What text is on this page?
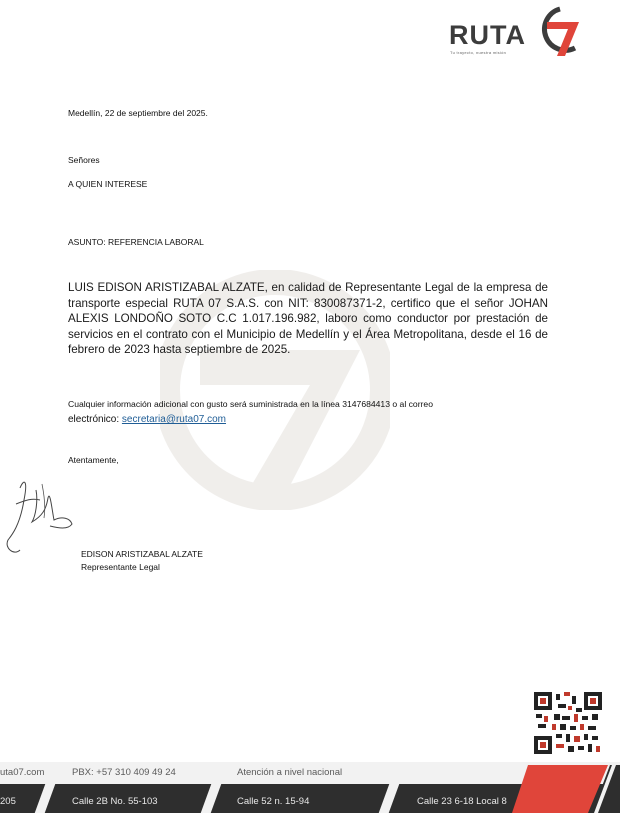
RUTA
Tu trayecto, nuestra misión
Medellín, 22 de septiembre del 2025.
Señores
A QUIEN INTERESE
ASUNTO: REFERENCIA LABORAL

LUIS EDISON ARISTIZABAL ALZATE, en calidad de Representante Legal de la empresa de transporte especial RUTA 07 S.A.S. con NIT: 830087371-2, certifico que el señor JOHAN ALEXIS LONDOÑO SOTO C.C 1.017.196.982, laboro como conductor por prestación de servicios en el contrato con el Municipio de Medellín y el Área Metropolitana, desde el 16 de febrero de 2023 hasta septiembre de 2025.

Cualquier información adicional con gusto será suministrada en la línea 3147684413 o al correo
electrónico: secretaria@ruta07.com
Atentamente,
EDISON ARISTIZABAL ALZATE
Representante Legal
uta07.com	PBX: +57 310 409 49 24	Atención a nivel nacional
205	Calle 2B No. 55-103	Calle 52 n. 15-94	Calle 23 6-18 Local 8
